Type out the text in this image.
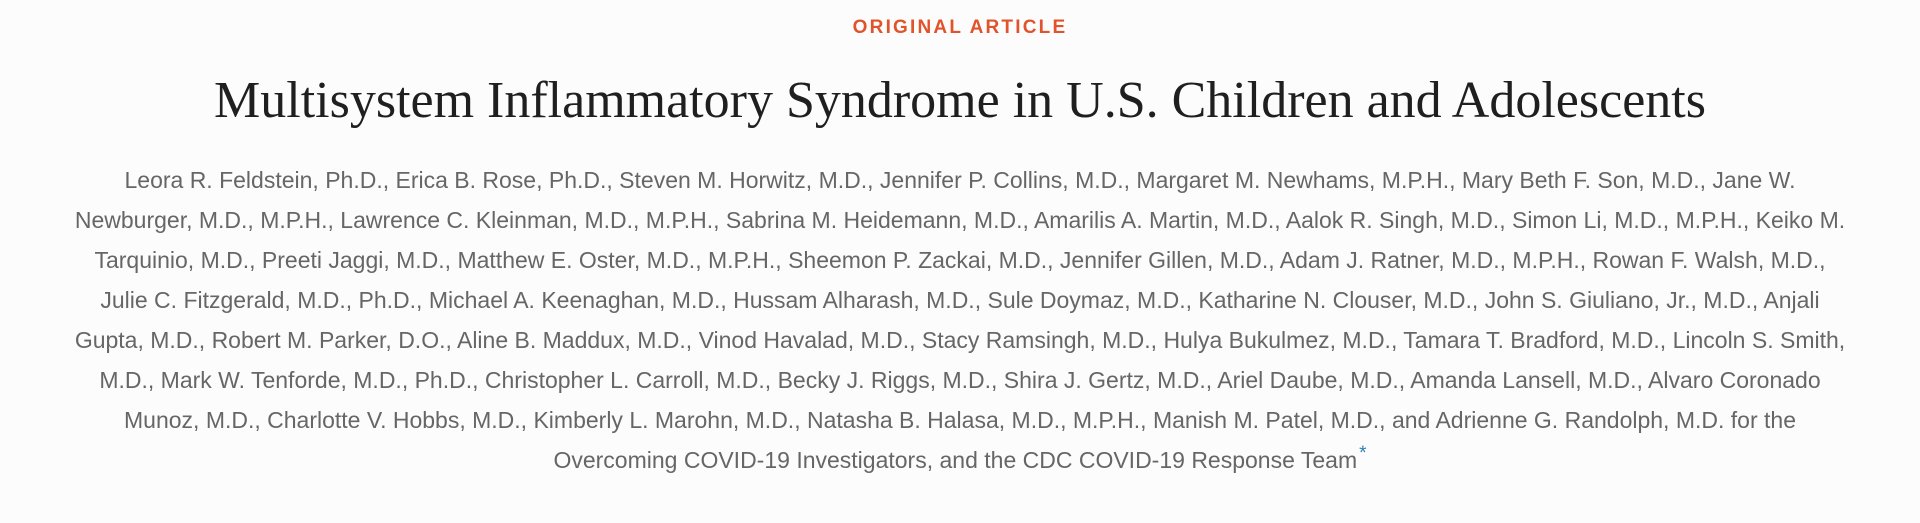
ORIGINAL ARTICLE
Multisystem Inflammatory Syndrome in U.S. Children and Adolescents

Leora R. Feldstein, Ph.D., Erica B. Rose, Ph.D., Steven M. Horwitz, M.D., Jennifer P. Collins, M.D., Margaret M. Newhams, M.P.H., Mary Beth F. Son, M.D., Jane W. Newburger, M.D., M.P.H., Lawrence C. Kleinman, M.D., M.P.H., Sabrina M. Heidemann, M.D., Amarilis A. Martin, M.D., Aalok R. Singh, M.D., Simon Li, M.D., M.P.H., Keiko M. Tarquinio, M.D., Preeti Jaggi, M.D., Matthew E. Oster, M.D., M.P.H., Sheemon P. Zackai, M.D., Jennifer Gillen, M.D., Adam J. Ratner, M.D., M.P.H., Rowan F. Walsh, M.D., Julie C. Fitzgerald, M.D., Ph.D., Michael A. Keenaghan, M.D., Hussam Alharash, M.D., Sule Doymaz, M.D., Katharine N. Clouser, M.D., John S. Giuliano, Jr., M.D., Anjali Gupta, M.D., Robert M. Parker, D.O., Aline B. Maddux, M.D., Vinod Havalad, M.D., Stacy Ramsingh, M.D., Hulya Bukulmez, M.D., Tamara T. Bradford, M.D., Lincoln S. Smith, M.D., Mark W. Tenforde, M.D., Ph.D., Christopher L. Carroll, M.D., Becky J. Riggs, M.D., Shira J. Gertz, M.D., Ariel Daube, M.D., Amanda Lansell, M.D., Alvaro Coronado Munoz, M.D., Charlotte V. Hobbs, M.D., Kimberly L. Marohn, M.D., Natasha B. Halasa, M.D., M.P.H., Manish M. Patel, M.D., and Adrienne G. Randolph, M.D. for the Overcoming COVID-19 Investigators, and the CDC COVID-19 Response Team *
